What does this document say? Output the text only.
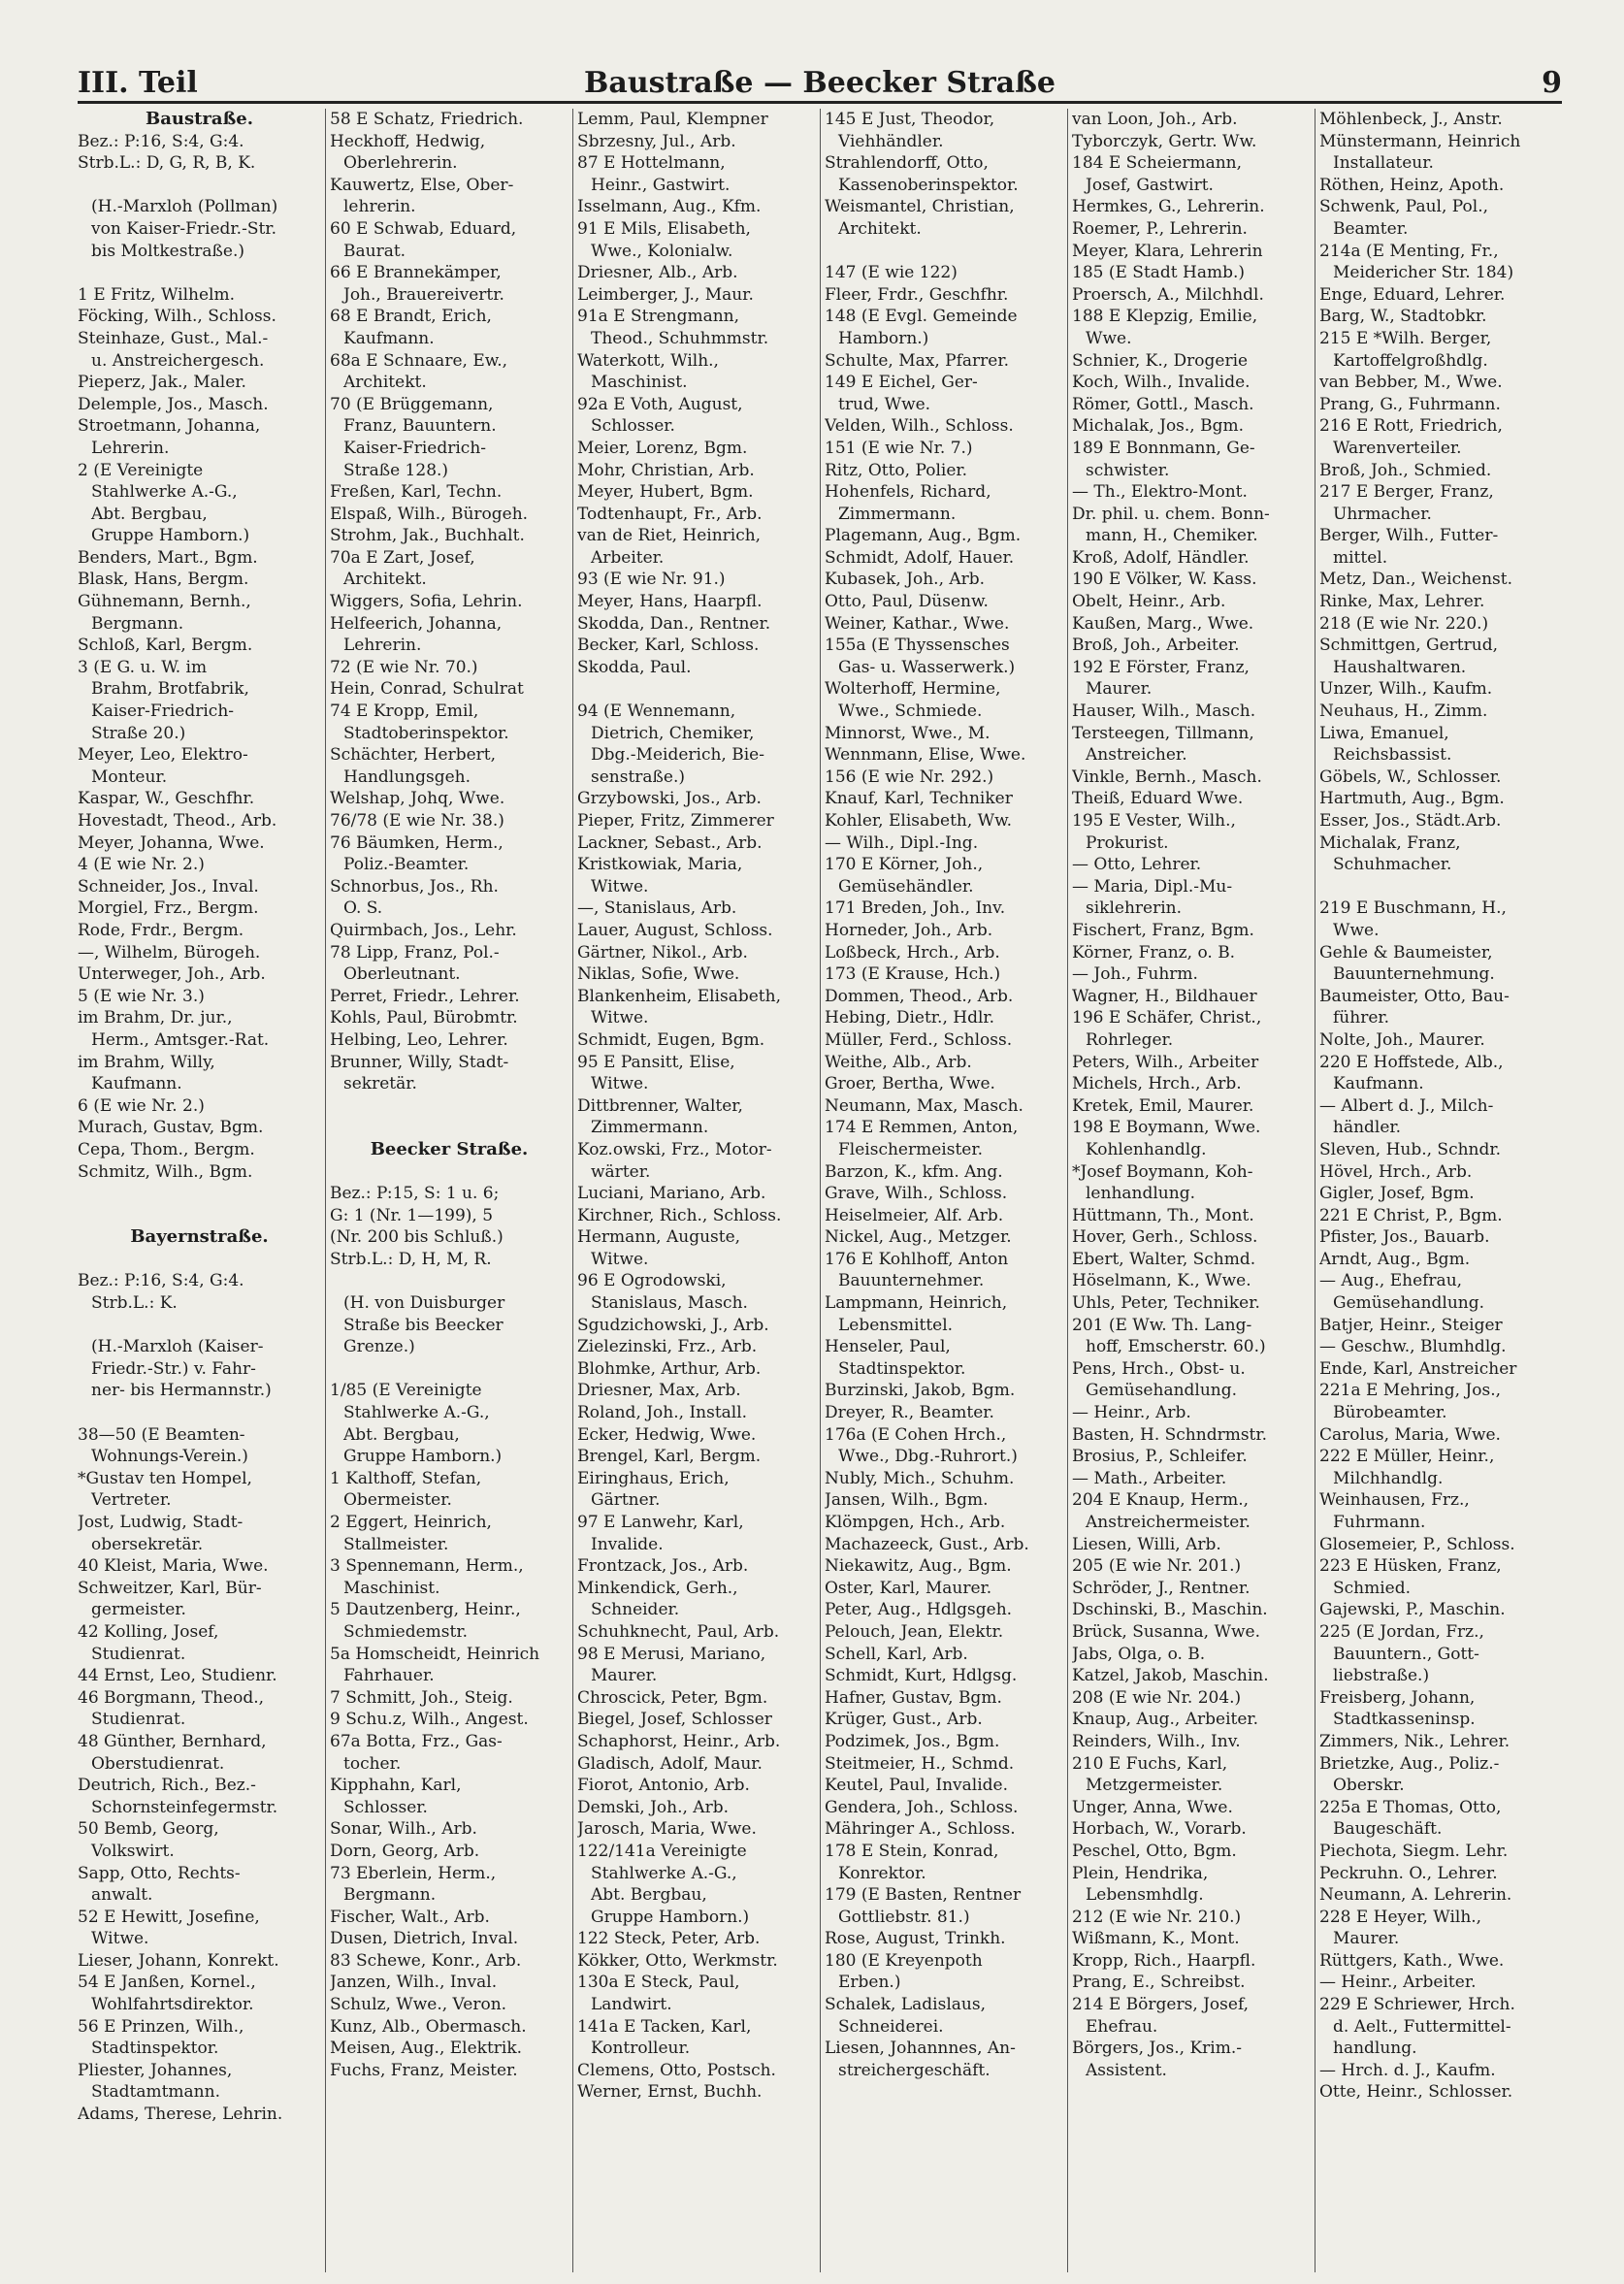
III. Teil	Baustraße — Beecker Straße	9
Baustraße.
Bez.: P:16, S:4, G:4.
Strb.L.: D, G, R, B, K.
(H.-Marxloh (Pollman)
von Kaiser-Friedr.-Str.
bis Moltkestraße.)
1 E Fritz, Wilhelm.
Föcking, Wilh., Schloss.
Steinhaze, Gust., Mal.-
u. Anstreichergesch.
Pieperz, Jak., Maler.
Delemple, Jos., Masch.
Stroetmann, Johanna,
Lehrerin.
2 (E Vereinigte
Stahlwerke A.-G.,
Abt. Bergbau,
Gruppe Hamborn.)
Benders, Mart., Bgm.
Blask, Hans, Bergm.
Gühnemann, Bernh.,
Bergmann.
Schloß, Karl, Bergm.
3 (E G. u. W. im
Brahm, Brotfabrik,
Kaiser-Friedrich-
Straße 20.)
Meyer, Leo, Elektro-
Monteur.
Kaspar, W., Geschfhr.
Hovestadt, Theod., Arb.
Meyer, Johanna, Wwe.
4 (E wie Nr. 2.)
Schneider, Jos., Inval.
Morgiel, Frz., Bergm.
Rode, Frdr., Bergm.
—, Wilhelm, Bürogeh.
Unterweger, Joh., Arb.
5 (E wie Nr. 3.)
im Brahm, Dr. jur.,
Herm., Amtsger.-Rat.
im Brahm, Willy,
Kaufmann.
6 (E wie Nr. 2.)
Murach, Gustav, Bgm.
Cepa, Thom., Bergm.
Schmitz, Wilh., Bgm.
Bayernstraße.
Bez.: P:16, S:4, G:4.
Strb.L.: K.
(H.-Marxloh (Kaiser-
Friedr.-Str.) v. Fahr-
ner- bis Hermannstr.)
38—50 (E Beamten-
Wohnungs-Verein.)
*Gustav ten Hompel,
Vertreter.
Jost, Ludwig, Stadt-
obersekretär.
40 Kleist, Maria, Wwe.
Schweitzer, Karl, Bür-
germeister.
42 Kolling, Josef,
Studienrat.
44 Ernst, Leo, Studienr.
46 Borgmann, Theod.,
Studienrat.
48 Günther, Bernhard,
Oberstudienrat.
Deutrich, Rich., Bez.-
Schornsteinfegermstr.
50 Bemb, Georg,
Volkswirt.
Sapp, Otto, Rechts-
anwalt.
52 E Hewitt, Josefine,
Witwe.
Lieser, Johann, Konrekt.
54 E Janßen, Kornel.,
Wohlfahrtsdirektor.
56 E Prinzen, Wilh.,
Stadtinspektor.
Pliester, Johannes,
Stadtamtmann.
Adams, Therese, Lehrin.
58 E Schatz, Friedrich.
Heckhoff, Hedwig,
Oberlehrerin.
Kauwertz, Else, Ober-
lehrerin.
60 E Schwab, Eduard,
Baurat.
66 E Brannekämper,
Joh., Brauereivertr.
68 E Brandt, Erich,
Kaufmann.
68a E Schnaare, Ew.,
Architekt.
70 (E Brüggemann,
Franz, Bauuntern.
Kaiser-Friedrich-
Straße 128.)
Freßen, Karl, Techn.
Elspaß, Wilh., Bürogeh.
Strohm, Jak., Buchhalt.
70a E Zart, Josef,
Architekt.
Wiggers, Sofia, Lehrin.
Helfeerich, Johanna,
Lehrerin.
72 (E wie Nr. 70.)
Hein, Conrad, Schulrat
74 E Kropp, Emil,
Stadtoberinspektor.
Schächter, Herbert,
Handlungsgeh.
Welshap, Johq, Wwe.
76/78 (E wie Nr. 38.)
76 Bäumken, Herm.,
Poliz.-Beamter.
Schnorbus, Jos., Rh.
O. S.
Quirmbach, Jos., Lehr.
78 Lipp, Franz, Pol.-
Oberleutnant.
Perret, Friedr., Lehrer.
Kohls, Paul, Bürobmtr.
Helbing, Leo, Lehrer.
Brunner, Willy, Stadt-
sekretär.
Beecker Straße.
Bez.: P:15, S: 1 u. 6;
G: 1 (Nr. 1—199), 5
(Nr. 200 bis Schluß.)
Strb.L.: D, H, M, R.
(H. von Duisburger
Straße bis Beecker
Grenze.)
1/85 (E Vereinigte
Stahlwerke A.-G.,
Abt. Bergbau,
Gruppe Hamborn.)
1 Kalthoff, Stefan,
Obermeister.
2 Eggert, Heinrich,
Stallmeister.
3 Spennemann, Herm.,
Maschinist.
5 Dautzenberg, Heinr.,
Schmiedemstr.
5a Homscheidt, Heinrich
Fahrhauer.
7 Schmitt, Joh., Steig.
9 Schu.z, Wilh., Angest.
67a Botta, Frz., Gas-
tocher.
Kipphahn, Karl,
Schlosser.
Sonar, Wilh., Arb.
Dorn, Georg, Arb.
73 Eberlein, Herm.,
Bergmann.
Fischer, Walt., Arb.
Dusen, Dietrich, Inval.
83 Schewe, Konr., Arb.
Janzen, Wilh., Inval.
Schulz, Wwe., Veron.
Kunz, Alb., Obermasch.
Meisen, Aug., Elektrik.
Fuchs, Franz, Meister.
Lemm, Paul, Klempner
Sbrzesny, Jul., Arb.
87 E Hottelmann,
Heinr., Gastwirt.
Isselmann, Aug., Kfm.
91 E Mils, Elisabeth,
Wwe., Kolonialw.
Driesner, Alb., Arb.
Leimberger, J., Maur.
91a E Strengmann,
Theod., Schuhmmstr.
Waterkott, Wilh.,
Maschinist.
92a E Voth, August,
Schlosser.
Meier, Lorenz, Bgm.
Mohr, Christian, Arb.
Meyer, Hubert, Bgm.
Todtenhaupt, Fr., Arb.
van de Riet, Heinrich,
Arbeiter.
93 (E wie Nr. 91.)
Meyer, Hans, Haarpfl.
Skodda, Dan., Rentner.
Becker, Karl, Schloss.
Skodda, Paul.
94 (E Wennemann,
Dietrich, Chemiker,
Dbg.-Meiderich, Bie-
senstraße.)
Grzybowski, Jos., Arb.
Pieper, Fritz, Zimmerer
Lackner, Sebast., Arb.
Kristkowiak, Maria,
Witwe.
—, Stanislaus, Arb.
Lauer, August, Schloss.
Gärtner, Nikol., Arb.
Niklas, Sofie, Wwe.
Blankenheim, Elisabeth,
Witwe.
Schmidt, Eugen, Bgm.
95 E Pansitt, Elise,
Witwe.
Dittbrenner, Walter,
Zimmermann.
Koz.owski, Frz., Motor-
wärter.
Luciani, Mariano, Arb.
Kirchner, Rich., Schloss.
Hermann, Auguste,
Witwe.
96 E Ogrodowski,
Stanislaus, Masch.
Sgudzichowski, J., Arb.
Zielezinski, Frz., Arb.
Blohmke, Arthur, Arb.
Driesner, Max, Arb.
Roland, Joh., Install.
Ecker, Hedwig, Wwe.
Brengel, Karl, Bergm.
Eiringhaus, Erich,
Gärtner.
97 E Lanwehr, Karl,
Invalide.
Frontzack, Jos., Arb.
Minkendick, Gerh.,
Schneider.
Schuhknecht, Paul, Arb.
98 E Merusi, Mariano,
Maurer.
Chroscick, Peter, Bgm.
Biegel, Josef, Schlosser
Schaphorst, Heinr., Arb.
Gladisch, Adolf, Maur.
Fiorot, Antonio, Arb.
Demski, Joh., Arb.
Jarosch, Maria, Wwe.
122/141a Vereinigte
Stahlwerke A.-G.,
Abt. Bergbau,
Gruppe Hamborn.)
122 Steck, Peter, Arb.
Kökker, Otto, Werkmstr.
130a E Steck, Paul,
Landwirt.
141a E Tacken, Karl,
Kontrolleur.
Clemens, Otto, Postsch.
Werner, Ernst, Buchh.
145 E Just, Theodor,
Viehhändler.
Strahlendorff, Otto,
Kassenoberinspektor.
Weismantel, Christian,
Architekt.
147 (E wie 122)
Fleer, Frdr., Geschfhr.
148 (E Evgl. Gemeinde
Hamborn.)
Schulte, Max, Pfarrer.
149 E Eichel, Ger-
trud, Wwe.
Velden, Wilh., Schloss.
151 (E wie Nr. 7.)
Ritz, Otto, Polier.
Hohenfels, Richard,
Zimmermann.
Plagemann, Aug., Bgm.
Schmidt, Adolf, Hauer.
Kubasek, Joh., Arb.
Otto, Paul, Düsenw.
Weiner, Kathar., Wwe.
155a (E Thyssensches
Gas- u. Wasserwerk.)
Wolterhoff, Hermine,
Wwe., Schmiede.
Minnorst, Wwe., M.
Wennmann, Elise, Wwe.
156 (E wie Nr. 292.)
Knauf, Karl, Techniker
Kohler, Elisabeth, Ww.
— Wilh., Dipl.-Ing.
170 E Körner, Joh.,
Gemüsehändler.
171 Breden, Joh., Inv.
Horneder, Joh., Arb.
Loßbeck, Hrch., Arb.
173 (E Krause, Hch.)
Dommen, Theod., Arb.
Hebing, Dietr., Hdlr.
Müller, Ferd., Schloss.
Weithe, Alb., Arb.
Groer, Bertha, Wwe.
Neumann, Max, Masch.
174 E Remmen, Anton,
Fleischermeister.
Barzon, K., kfm. Ang.
Grave, Wilh., Schloss.
Heiselmeier, Alf. Arb.
Nickel, Aug., Metzger.
176 E Kohlhoff, Anton
Bauunternehmer.
Lampmann, Heinrich,
Lebensmittel.
Henseler, Paul,
Stadtinspektor.
Burzinski, Jakob, Bgm.
Dreyer, R., Beamter.
176a (E Cohen Hrch.,
Wwe., Dbg.-Ruhrort.)
Nubly, Mich., Schuhm.
Jansen, Wilh., Bgm.
Klömpgen, Hch., Arb.
Machazeeck, Gust., Arb.
Niekawitz, Aug., Bgm.
Oster, Karl, Maurer.
Peter, Aug., Hdlgsgeh.
Pelouch, Jean, Elektr.
Schell, Karl, Arb.
Schmidt, Kurt, Hdlgsg.
Hafner, Gustav, Bgm.
Krüger, Gust., Arb.
Podzimek, Jos., Bgm.
Steitmeier, H., Schmd.
Keutel, Paul, Invalide.
Gendera, Joh., Schloss.
Mähringer A., Schloss.
178 E Stein, Konrad,
Konrektor.
179 (E Basten, Rentner
Gottliebstr. 81.)
Rose, August, Trinkh.
180 (E Kreyenpoth
Erben.)
Schalek, Ladislaus,
Schneiderei.
Liesen, Johannnes, An-
streichergeschäft.
van Loon, Joh., Arb.
Tyborczyk, Gertr. Ww.
184 E Scheiermann,
Josef, Gastwirt.
Hermkes, G., Lehrerin.
Roemer, P., Lehrerin.
Meyer, Klara, Lehrerin
185 (E Stadt Hamb.)
Proersch, A., Milchhdl.
188 E Klepzig, Emilie,
Wwe.
Schnier, K., Drogerie
Koch, Wilh., Invalide.
Römer, Gottl., Masch.
Michalak, Jos., Bgm.
189 E Bonnmann, Ge-
schwister.
— Th., Elektro-Mont.
Dr. phil. u. chem. Bonn-
mann, H., Chemiker.
Kroß, Adolf, Händler.
190 E Völker, W. Kass.
Obelt, Heinr., Arb.
Kaußen, Marg., Wwe.
Broß, Joh., Arbeiter.
192 E Förster, Franz,
Maurer.
Hauser, Wilh., Masch.
Tersteegen, Tillmann,
Anstreicher.
Vinkle, Bernh., Masch.
Theiß, Eduard Wwe.
195 E Vester, Wilh.,
Prokurist.
— Otto, Lehrer.
— Maria, Dipl.-Mu-
siklehrerin.
Fischert, Franz, Bgm.
Körner, Franz, o. B.
— Joh., Fuhrm.
Wagner, H., Bildhauer
196 E Schäfer, Christ.,
Rohrleger.
Peters, Wilh., Arbeiter
Michels, Hrch., Arb.
Kretek, Emil, Maurer.
198 E Boymann, Wwe.
Kohlenhandlg.
*Josef Boymann, Koh-
lenhandlung.
Hüttmann, Th., Mont.
Hover, Gerh., Schloss.
Ebert, Walter, Schmd.
Höselmann, K., Wwe.
Uhls, Peter, Techniker.
201 (E Ww. Th. Lang-
hoff, Emscherstr. 60.)
Pens, Hrch., Obst- u.
Gemüsehandlung.
— Heinr., Arb.
Basten, H. Schndrmstr.
Brosius, P., Schleifer.
— Math., Arbeiter.
204 E Knaup, Herm.,
Anstreichermeister.
Liesen, Willi, Arb.
205 (E wie Nr. 201.)
Schröder, J., Rentner.
Dschinski, B., Maschin.
Brück, Susanna, Wwe.
Jabs, Olga, o. B.
Katzel, Jakob, Maschin.
208 (E wie Nr. 204.)
Knaup, Aug., Arbeiter.
Reinders, Wilh., Inv.
210 E Fuchs, Karl,
Metzgermeister.
Unger, Anna, Wwe.
Horbach, W., Vorarb.
Peschel, Otto, Bgm.
Plein, Hendrika,
Lebensmhdlg.
212 (E wie Nr. 210.)
Wißmann, K., Mont.
Kropp, Rich., Haarpfl.
Prang, E., Schreibst.
214 E Börgers, Josef,
Ehefrau.
Börgers, Jos., Krim.-
Assistent.
Möhlenbeck, J., Anstr.
Münstermann, Heinrich
Installateur.
Röthen, Heinz, Apoth.
Schwenk, Paul, Pol.,
Beamter.
214a (E Menting, Fr.,
Meidericher Str. 184)
Enge, Eduard, Lehrer.
Barg, W., Stadtobkr.
215 E *Wilh. Berger,
Kartoffelgroßhdlg.
van Bebber, M., Wwe.
Prang, G., Fuhrmann.
216 E Rott, Friedrich,
Warenverteiler.
Broß, Joh., Schmied.
217 E Berger, Franz,
Uhrmacher.
Berger, Wilh., Futter-
mittel.
Metz, Dan., Weichenst.
Rinke, Max, Lehrer.
218 (E wie Nr. 220.)
Schmittgen, Gertrud,
Haushaltwaren.
Unzer, Wilh., Kaufm.
Neuhaus, H., Zimm.
Liwa, Emanuel,
Reichsbassist.
Göbels, W., Schlosser.
Hartmuth, Aug., Bgm.
Esser, Jos., Städt.Arb.
Michalak, Franz,
Schuhmacher.
219 E Buschmann, H.,
Wwe.
Gehle & Baumeister,
Bauunternehmung.
Baumeister, Otto, Bau-
führer.
Nolte, Joh., Maurer.
220 E Hoffstede, Alb.,
Kaufmann.
— Albert d. J., Milch-
händler.
Sleven, Hub., Schndr.
Hövel, Hrch., Arb.
Gigler, Josef, Bgm.
221 E Christ, P., Bgm.
Pfister, Jos., Bauarb.
Arndt, Aug., Bgm.
— Aug., Ehefrau,
Gemüsehandlung.
Batjer, Heinr., Steiger
— Geschw., Blumhdlg.
Ende, Karl, Anstreicher
221a E Mehring, Jos.,
Bürobeamter.
Carolus, Maria, Wwe.
222 E Müller, Heinr.,
Milchhandlg.
Weinhausen, Frz.,
Fuhrmann.
Glosemeier, P., Schloss.
223 E Hüsken, Franz,
Schmied.
Gajewski, P., Maschin.
225 (E Jordan, Frz.,
Bauuntern., Gott-
liebstraße.)
Freisberg, Johann,
Stadtkasseninsp.
Zimmers, Nik., Lehrer.
Brietzke, Aug., Poliz.-
Oberskr.
225a E Thomas, Otto,
Baugeschäft.
Piechota, Siegm. Lehr.
Peckruhn. O., Lehrer.
Neumann, A. Lehrerin.
228 E Heyer, Wilh.,
Maurer.
Rüttgers, Kath., Wwe.
— Heinr., Arbeiter.
229 E Schriewer, Hrch.
d. Aelt., Futtermittel-
handlung.
— Hrch. d. J., Kaufm.
Otte, Heinr., Schlosser.
